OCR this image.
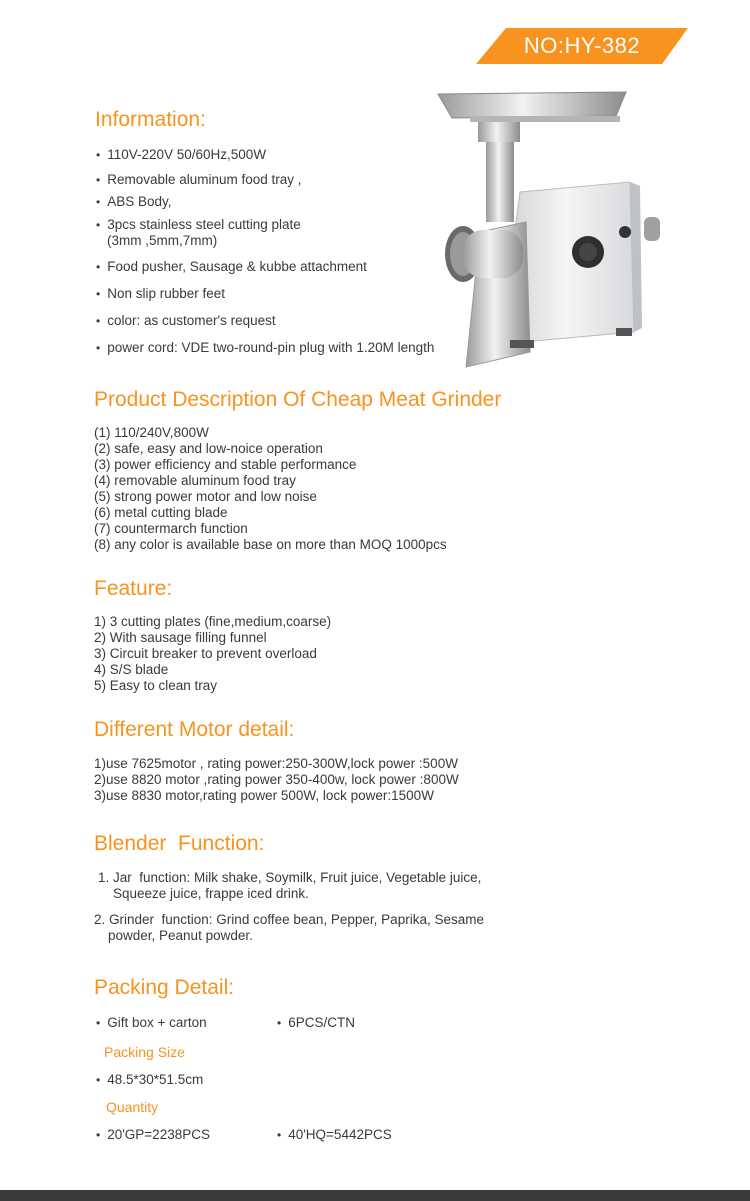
NO:HY-382
Information:
• 110V-220V 50/60Hz,500W
• Removable aluminum food tray ,
• ABS Body,
• 3pcs stainless steel cutting plate
(3mm ,5mm,7mm)
• Food pusher, Sausage & kubbe attachment
• Non slip rubber feet
• color: as customer's request
• power cord: VDE two-round-pin plug with 1.20M length
Product Description Of Cheap Meat Grinder
(1) 110/240V,800W
(2) safe, easy and low-noice operation
(3) power efficiency and stable performance
(4) removable aluminum food tray
(5) strong power motor and low noise
(6) metal cutting blade
(7) countermarch function
(8) any color is available base on more than MOQ 1000pcs
Feature:
1) 3 cutting plates (fine,medium,coarse)
2) With sausage filling funnel
3) Circuit breaker to prevent overload
4) S/S blade
5) Easy to clean tray
Different Motor detail:
1)use 7625motor , rating power:250-300W,lock power :500W
2)use 8820 motor ,rating power 350-400w, lock power :800W
3)use 8830 motor,rating power 500W, lock power:1500W
Blender  Function:
1. Jar  function: Milk shake, Soymilk, Fruit juice, Vegetable juice,
Squeeze juice, frappe iced drink.
2. Grinder  function: Grind coffee bean, Pepper, Paprika, Sesame
powder, Peanut powder.
Packing Detail:
• Gift box + carton	• 6PCS/CTN
Packing Size
• 48.5*30*51.5cm
Quantity
• 20'GP=2238PCS	• 40'HQ=5442PCS
